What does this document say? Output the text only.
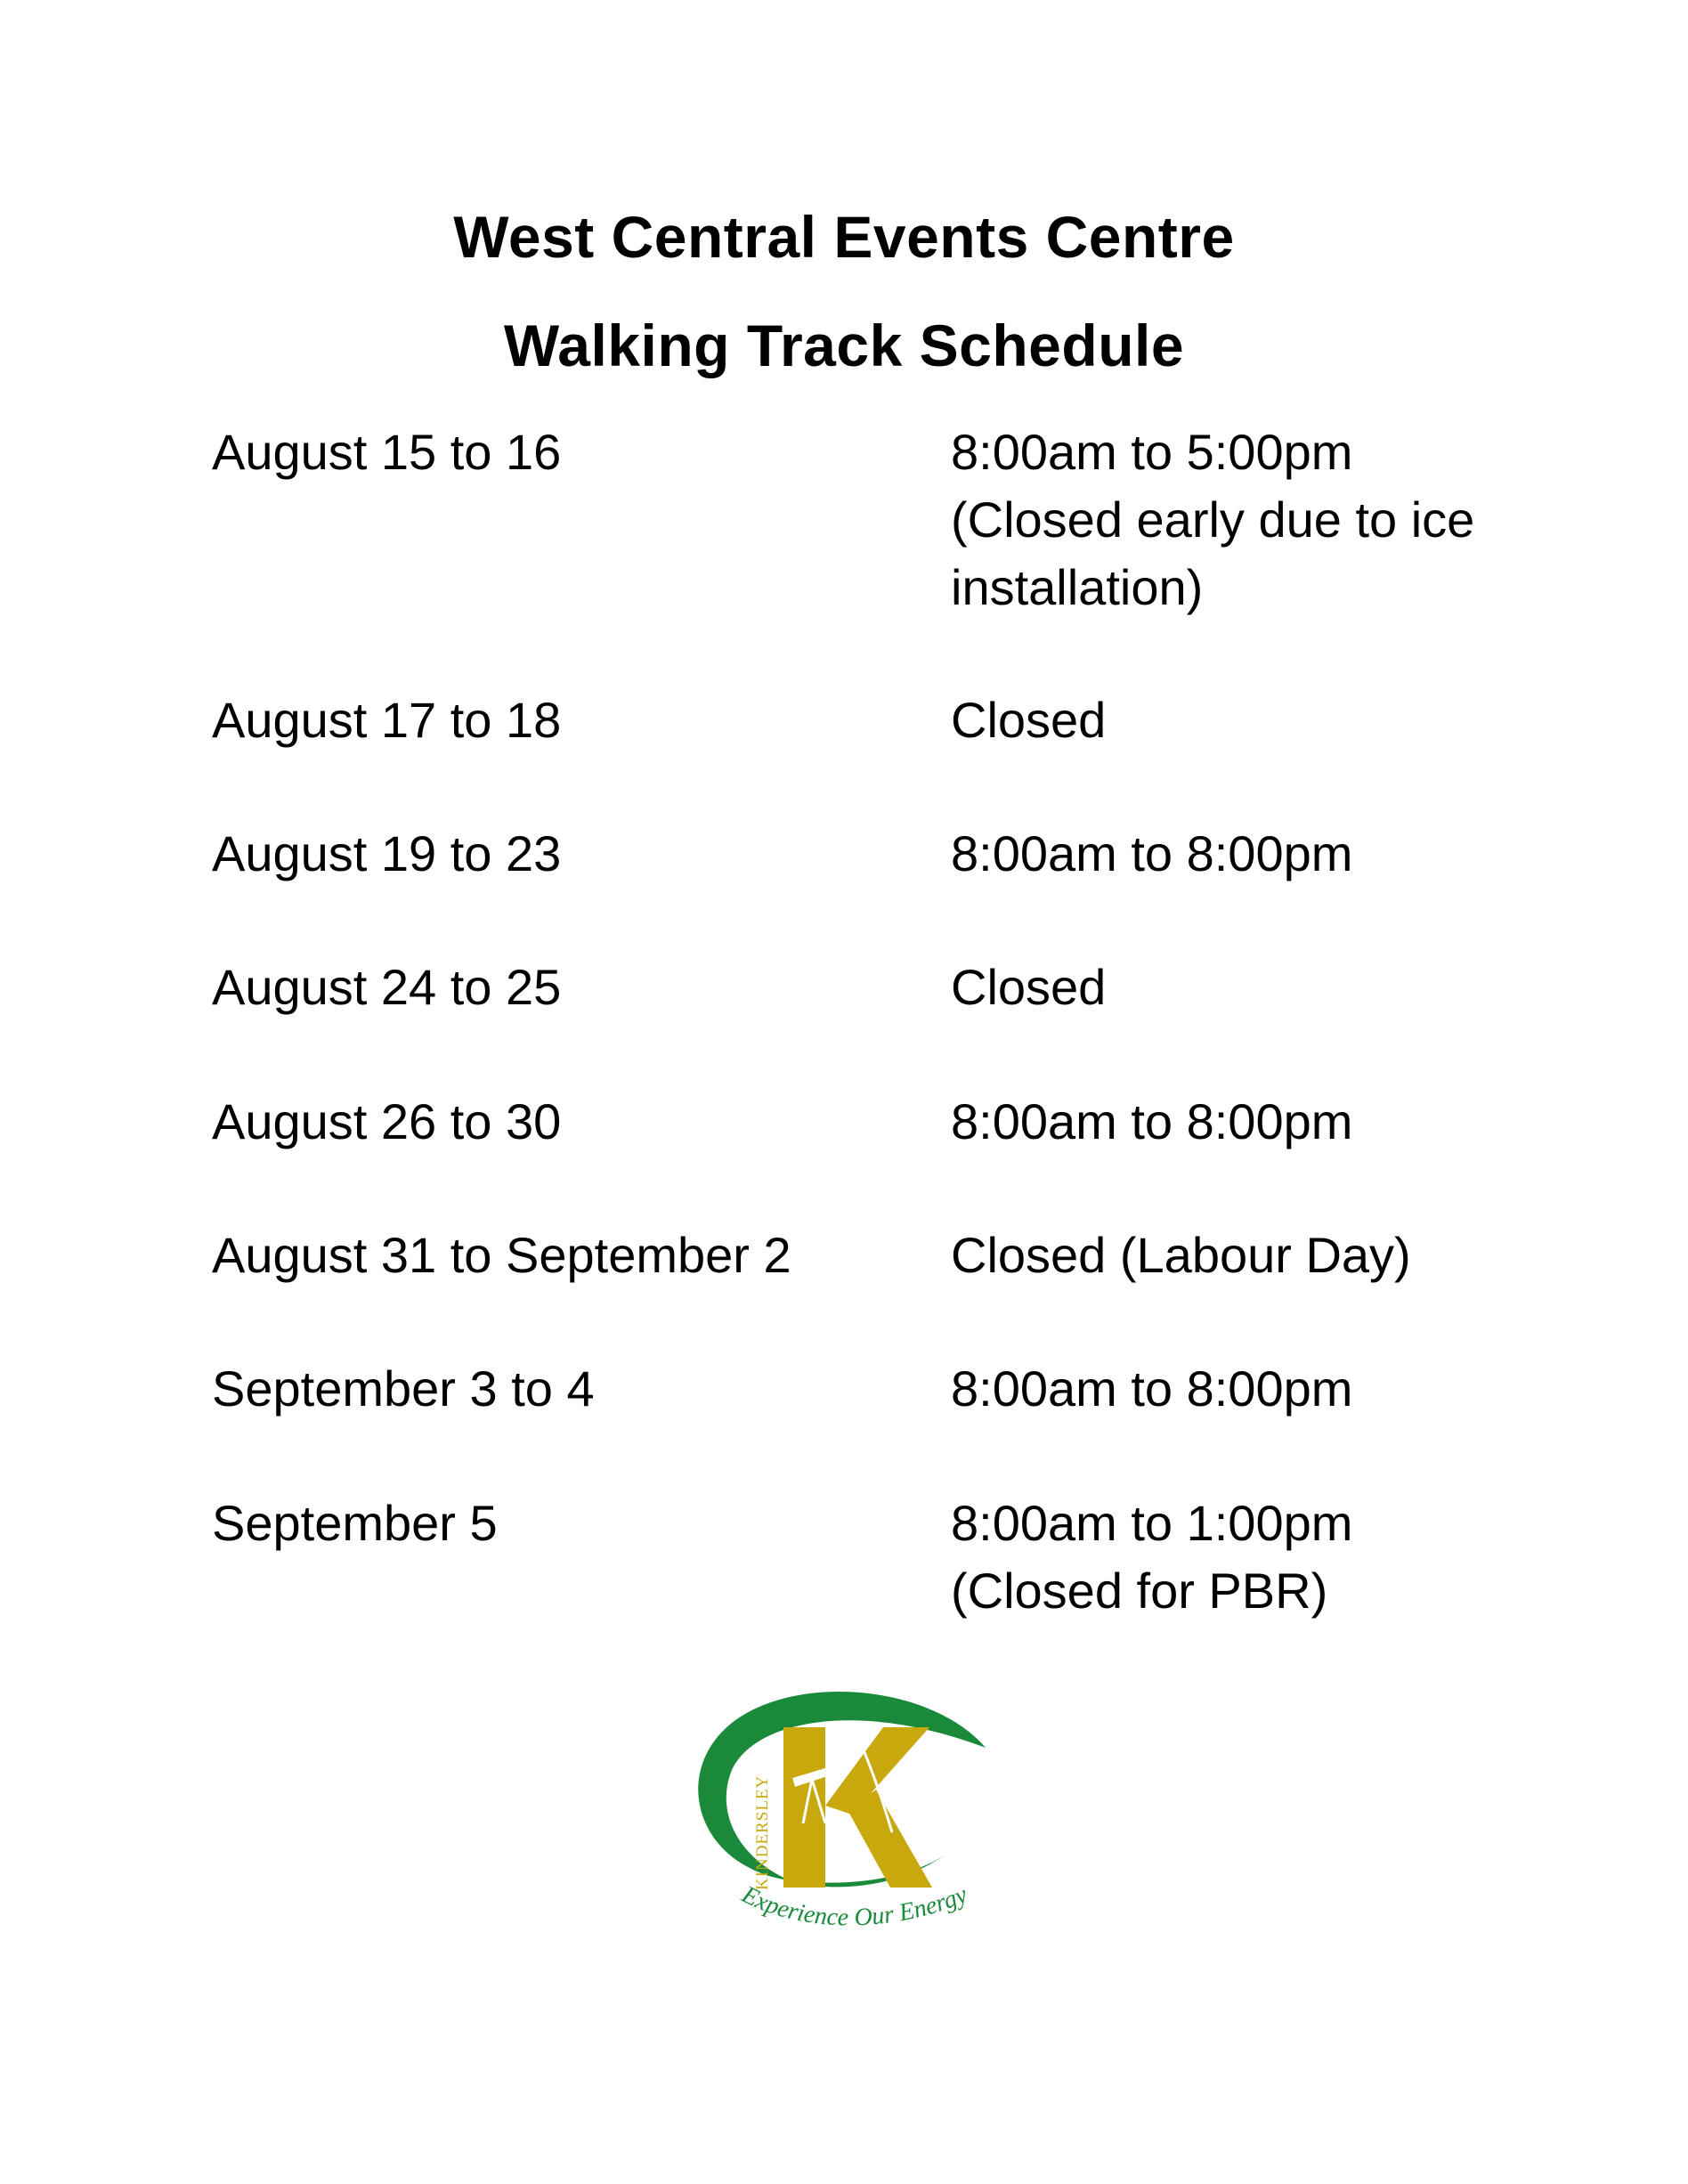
West Central Events Centre
Walking Track Schedule
August 15 to 16	8:00am to 5:00pm (Closed early due to ice installation)
August 17 to 18	Closed
August 19 to 23	8:00am to 8:00pm
August 24 to 25	Closed
August 26 to 30	8:00am to 8:00pm
August 31 to September 2	Closed (Labour Day)
September 3 to 4	8:00am to 8:00pm
September 5	8:00am to 1:00pm (Closed for PBR)
KINDERSLEY
Experience Our Energy
